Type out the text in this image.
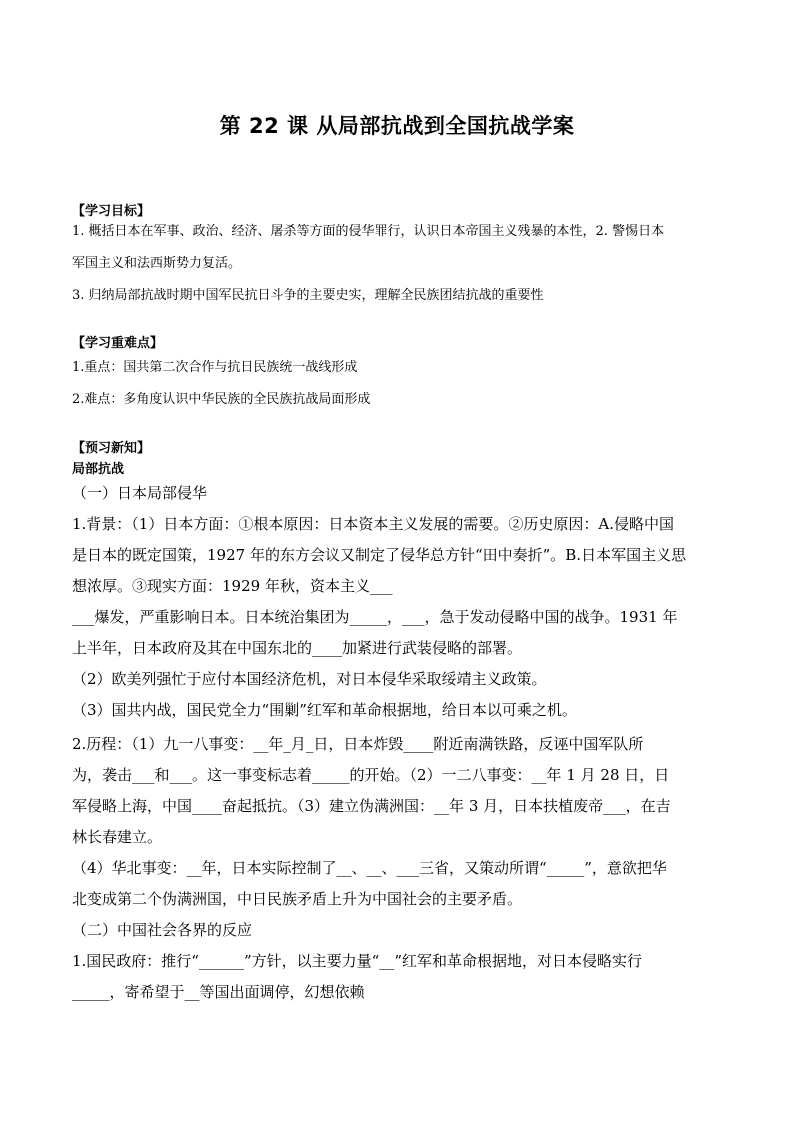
第 22 课 从局部抗战到全国抗战学案
【学习目标】
1. 概括日本在军事、政治、经济、屠杀等方面的侵华罪行，认识日本帝国主义残暴的本性，2. 警惕日本
军国主义和法西斯势力复活。
3. 归纳局部抗战时期中国军民抗日斗争的主要史实，理解全民族团结抗战的重要性
【学习重难点】
1.重点：国共第二次合作与抗日民族统一战线形成
2.难点：多角度认识中华民族的全民族抗战局面形成
【预习新知】
局部抗战
（一）日本局部侵华
1.背景：（1）日本方面：①根本原因：日本资本主义发展的需要。②历史原因：A.侵略中国
是日本的既定国策，1927 年的东方会议又制定了侵华总方针“田中奏折”。B.日本军国主义思
想浓厚。③现实方面：1929 年秋，资本主义___
___爆发，严重影响日本。日本统治集团为_____，___，急于发动侵略中国的战争。1931 年
上半年，日本政府及其在中国东北的____加紧进行武装侵略的部署。
（2）欧美列强忙于应付本国经济危机，对日本侵华采取绥靖主义政策。
（3）国共内战，国民党全力“围剿”红军和革命根据地，给日本以可乘之机。
2.历程：（1）九一八事变：__年_月_日，日本炸毁____附近南满铁路，反诬中国军队所
为，袭击___和___。这一事变标志着_____的开始。（2）一二八事变：__年 1 月 28 日，日
军侵略上海，中国____奋起抵抗。（3）建立伪满洲国：__年 3 月，日本扶植废帝___，在吉
林长春建立。
（4）华北事变：__年，日本实际控制了__、__、___三省，又策动所谓“_____”，意欲把华
北变成第二个伪满洲国，中日民族矛盾上升为中国社会的主要矛盾。
（二）中国社会各界的反应
1.国民政府：推行“______”方针，以主要力量“__”红军和革命根据地，对日本侵略实行
_____，寄希望于__等国出面调停，幻想依赖
